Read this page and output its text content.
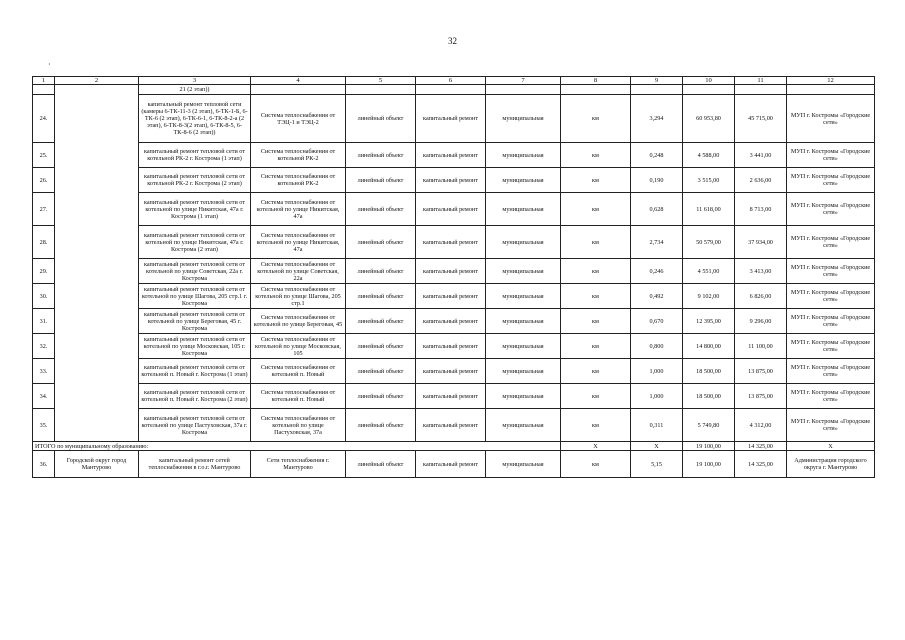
32
·
1	2	3	4	5	6	7	8	9	10	11	12
		21 (2 этап))									
24.		капитальный ремонт тепловой сети (камеры 6-ТК-11-3 (2 этап), 6-ТК-1-Б, 6-ТК-6 (2 этап), 6-ТК-6-1, 6-ТК-8-2-а (2 этап), 6-ТК-8-3(2 этап), 6-ТК-8-5, 6-ТК-8-6 (2 этап))	Система теплоснабжения от ТЭЦ-1 и ТЭЦ-2	линейный объект	капитальный ремонт	муниципальная	км	3,294	60 953,80	45 715,00	МУП г. Костромы «Городские сети»
25.		капитальный ремонт тепловой сети от котельной РК-2 г. Кострома (1 этап)	Система теплоснабжения от котельной РК-2	линейный объект	капитальный ремонт	муниципальная	км	0,248	4 588,00	3 441,00	МУП г. Костромы «Городские сети»
26.		капитальный ремонт тепловой сети от котельной РК-2 г. Кострома (2 этап)	Система теплоснабжения от котельной РК-2	линейный объект	капитальный ремонт	муниципальная	км	0,190	3 515,00	2 636,00	МУП г. Костромы «Городские сети»
27.		капитальный ремонт тепловой сети от котельной по улице Никитская, 47а г. Кострома (1 этап)	Система теплоснабжения от котельной по улице Никитская, 47а	линейный объект	капитальный ремонт	муниципальная	км	0,628	11 618,00	8 713,00	МУП г. Костромы «Городские сети»
28.		капитальный ремонт тепловой сети от котельной по улице Никитская, 47а г. Кострома (2 этап)	Система теплоснабжения от котельной по улице Никитская, 47а	линейный объект	капитальный ремонт	муниципальная	км	2,734	50 579,00	37 934,00	МУП г. Костромы «Городские сети»
29.		капитальный ремонт тепловой сети от котельной по улице Советская, 22а г. Кострома	Система теплоснабжения от котельной по улице Советская, 22а	линейный объект	капитальный ремонт	муниципальная	км	0,246	4 551,00	3 413,00	МУП г. Костромы «Городские сети»
30.		капитальный ремонт тепловой сети от котельной по улице Шагова, 205 стр.1 г. Кострома	Система теплоснабжения от котельной по улице Шагова, 205 стр.1	линейный объект	капитальный ремонт	муниципальная	км	0,492	9 102,00	6 826,00	МУП г. Костромы «Городские сети»
31.		капитальный ремонт тепловой сети от котельной по улице Береговая, 45 г. Кострома	Система теплоснабжения от котельной по улице Береговая, 45	линейный объект	капитальный ремонт	муниципальная	км	0,670	12 395,00	9 296,00	МУП г. Костромы «Городские сети»
32.		капитальный ремонт тепловой сети от котельной по улице Московская, 105 г. Кострома	Система теплоснабжения от котельной по улице Московская, 105	линейный объект	капитальный ремонт	муниципальная	км	0,800	14 800,00	11 100,00	МУП г. Костромы «Городские сети»
33.		капитальный ремонт тепловой сети от котельной п. Новый г. Кострома (1 этап)	Система теплоснабжения от котельной п. Новый	линейный объект	капитальный ремонт	муниципальная	км	1,000	18 500,00	13 875,00	МУП г. Костромы «Городские сети»
34.		капитальный ремонт тепловой сети от котельной п. Новый г. Кострома (2 этап)	Система теплоснабжения от котельной п. Новый	линейный объект	капитальный ремонт	муниципальная	км	1,000	18 500,00	13 875,00	МУП г. Костромы «Городские сети»
35.		капитальный ремонт тепловой сети от котельной по улице Пастуховская, 37а г. Кострома	Система теплоснабжения от котельной по улице Пастуховская, 37а	линейный объект	капитальный ремонт	муниципальная	км	0,311	5 749,80	4 312,00	МУП г. Костромы «Городские сети»
ИТОГО по муниципальному образованию:							Х	Х	19 100,00	14 325,00	Х
36.	Городской округ город Мантурово	капитальный ремонт сетей теплоснабжения в г.о.г. Мантурово	Сети теплоснабжения г. Мантурово	линейный объект	капитальный ремонт	муниципальная	км	5,15	19 100,00	14 325,00	Администрация городского округа г. Мантурово
